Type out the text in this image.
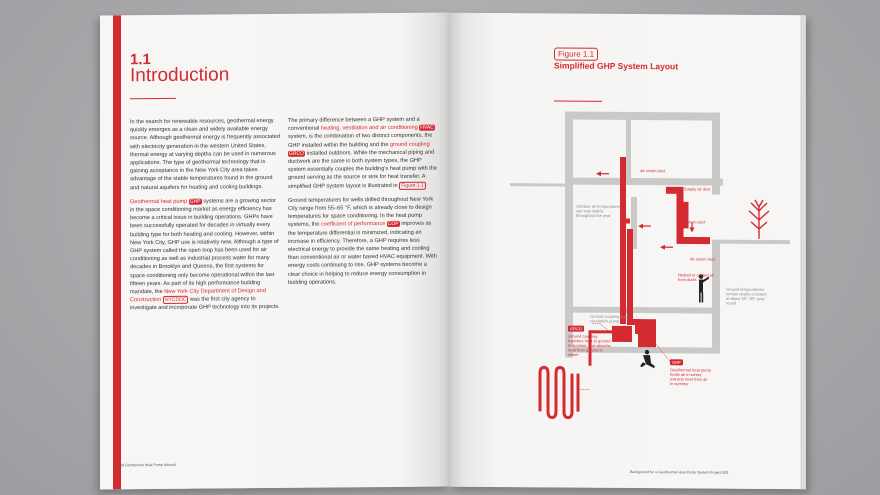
1.1
Introduction

In the search for renewable resources, geothermal energy quickly emerges as a clean and widely available energy source. Although geothermal energy is frequently associated with electricity generation in the western United States, thermal energy at varying depths can be used in numerous applications. The type of geothermal technology that is gaining acceptance in the New York City area takes advantage of the stable temperatures found in the ground and natural aquifers for heating and cooling buildings.

Geothermal heat pump GHP systems are a growing sector in the space conditioning market as energy efficiency has become a critical issue in building operations. GHPs have been successfully operated for decades in virtually every building type for both heating and cooling. However, within New York City, GHP use is relatively new. Although a type of GHP system called the open loop has been used for air conditioning as well as industrial process water for many decades in Brooklyn and Queens, the first systems for space conditioning only become operational within the last fifteen years. As part of its high performance building mandate, the New York City Department of Design and Construction NYCDDC was the first city agency to investigate and incorporate GHP technology into its projects.

The primary difference between a GHP system and a conventional heating, ventilation and air conditioning HVAC system, is the combination of two distinct components, the GHP installed within the building and the ground coupling GRCO installed outdoors. While the mechanical piping and ductwork are the same in both system types, the GHP system essentially couples the building's heat pump with the ground serving as the source or sink for heat transfer. A simplified GHP system layout is illustrated in Figure 1.1

Ground temperatures for wells drilled throughout New York City range from 55–65 °F, which is already close to design temperatures for space conditioning. In the heat pump systems, the coefficient of performance COP improves as the temperature differential is minimized, indicating an increase in efficiency. Therefore, a GHP requires less electrical energy to provide the same heating and cooling than conventional air or water based HVAC equipment. With energy costs continuing to rise, GHP systems become a clear choice in helping to reduce energy consumption in building operations.

000 Geothermal Heat Pump Manual
Figure 1.1
Simplified GHP System Layout
Air return duct
Supply air duct
Outdoor air temperatures can vary widely throughout the year
Air return duct
Air return duct
Heated or cooled air from ducts
Ground coupling fluid circulation pump
Ground temperatures remain nearly constant at about 55°–65° year round
GRCO
Ground coupling transfers heat to ground in summer, and absorbs heat from ground in winter
GHP
Geothermal heat pump heats air in winter, extracts heat from air in summer
Background for a Geothermal Heat Pump System Project 000
